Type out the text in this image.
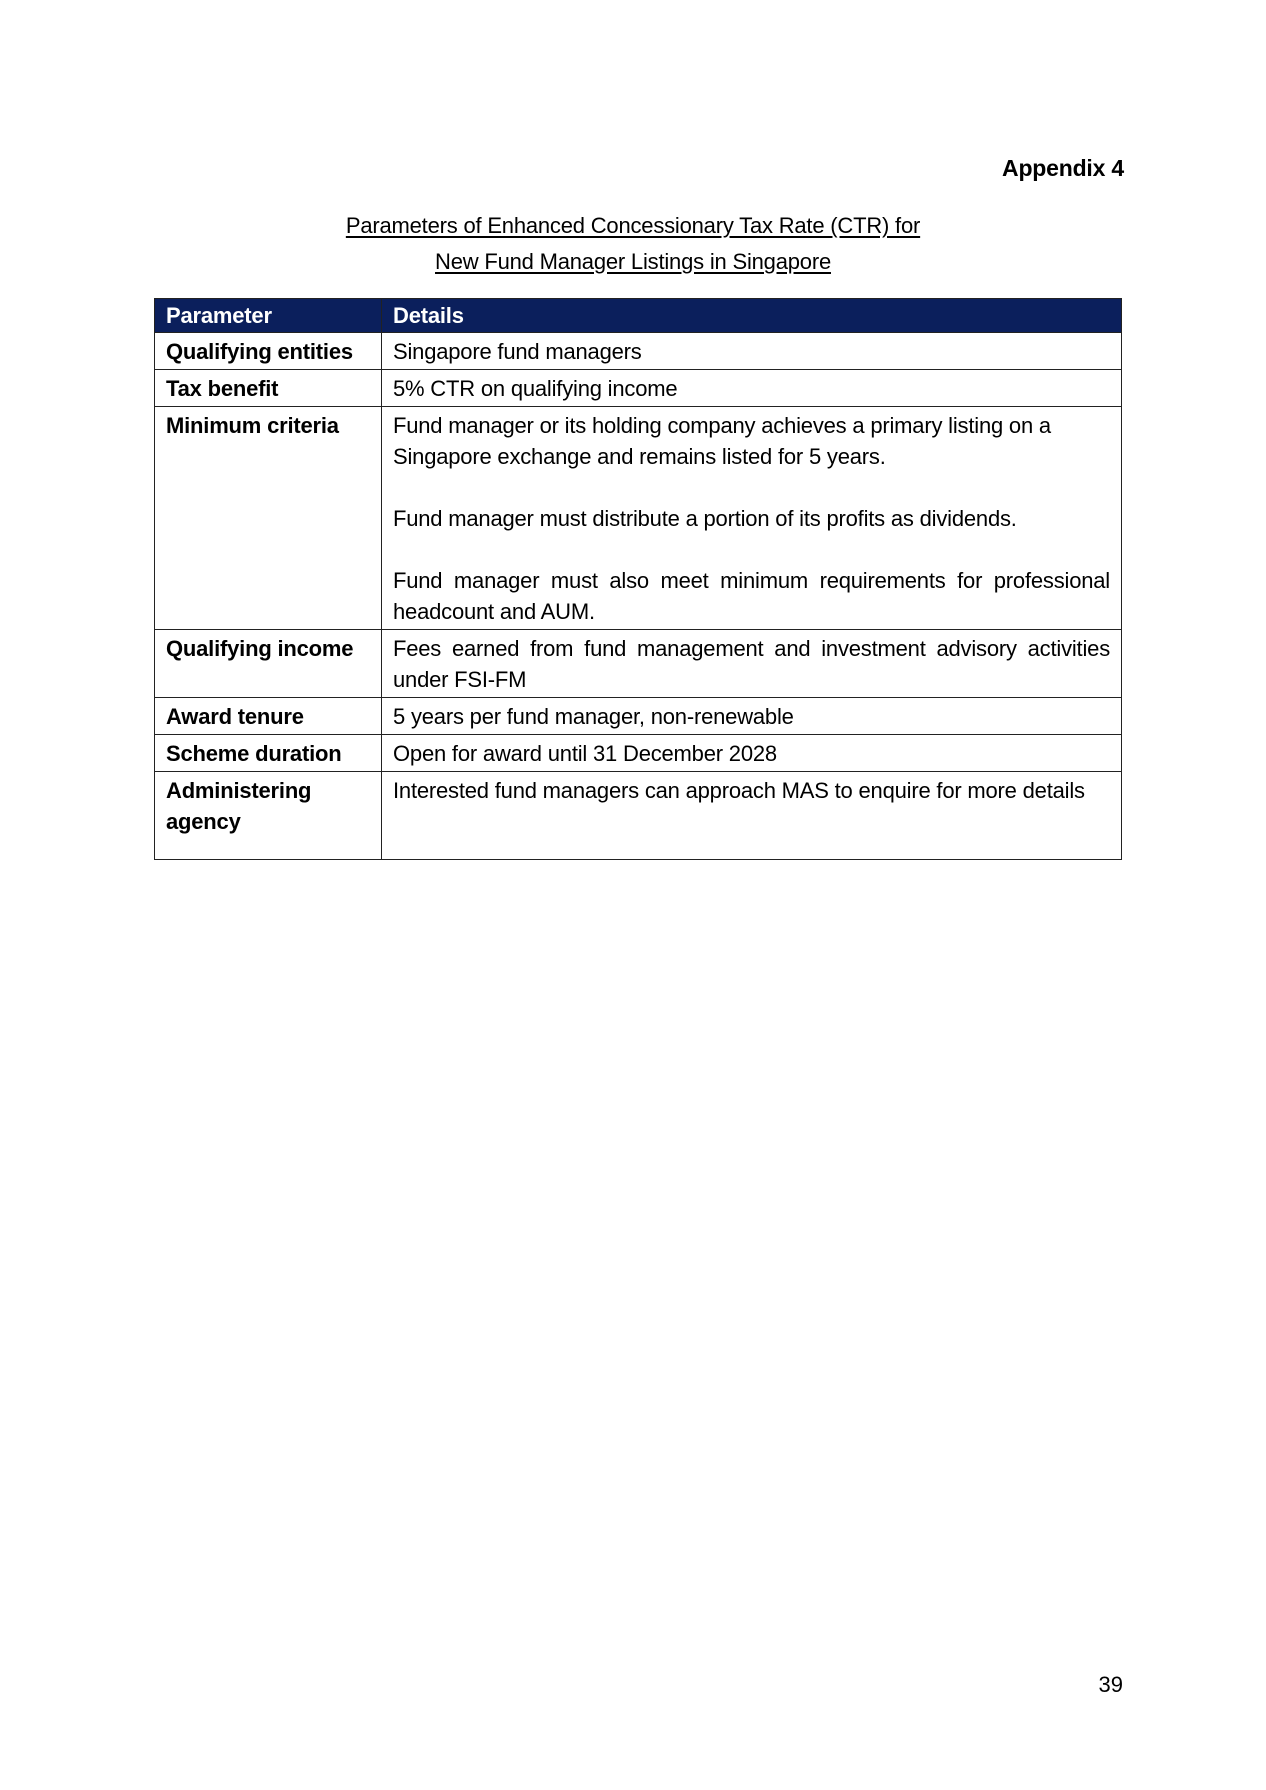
Appendix 4
Parameters of Enhanced Concessionary Tax Rate (CTR) for
New Fund Manager Listings in Singapore
Parameter	Details
Qualifying entities	Singapore fund managers

Tax benefit	5% CTR on qualifying income

Minimum criteria	Fund manager or its holding company achieves a primary listing on a Singapore exchange and remains listed for 5 years.

Fund manager must distribute a portion of its profits as dividends.

Fund manager must also meet minimum requirements for professional headcount and AUM.

Qualifying income	Fees earned from fund management and investment advisory activities under FSI-FM

Award tenure	5 years per fund manager, non-renewable

Scheme duration	Open for award until 31 December 2028

Administering agency	Interested fund managers can approach MAS to enquire for more details

39
